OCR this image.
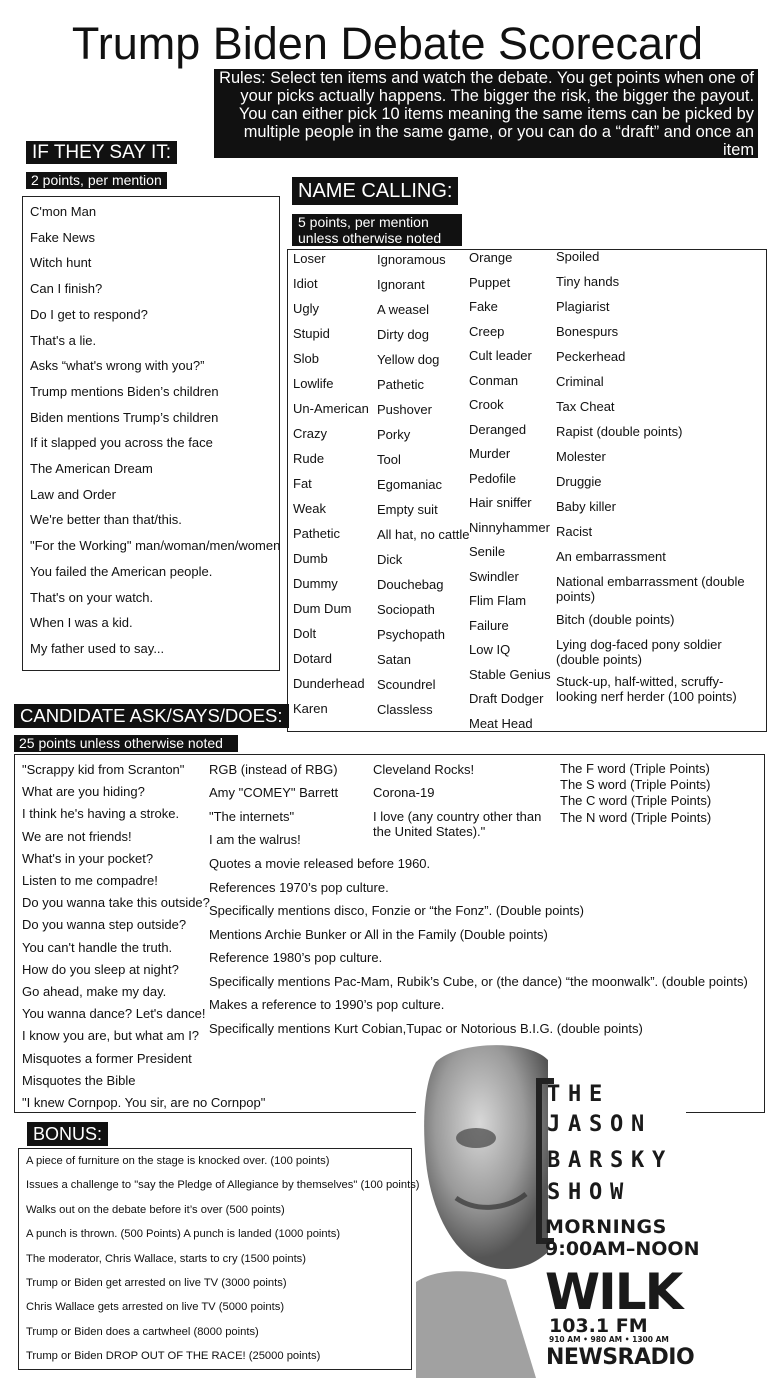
Trump Biden Debate Scorecard
Rules: Select ten items and watch the debate. You get points when one of
your picks actually happens. The bigger the risk, the bigger the payout.
You can either pick 10 items meaning the same items can be picked by
multiple people in the same game, or you can do a “draft” and once an item
is selected, it’s off the board meaning nobody else can pick that item.
IF THEY SAY IT:
2 points, per mention
C'mon Man
Fake News
Witch hunt
Can I finish?
Do I get to respond?
That's a lie.
Asks “what's wrong with you?”
Trump mentions Biden’s children
Biden mentions Trump’s children
If it slapped you across the face
The American Dream
Law and Order
We're better than that/this.
"For the Working" man/woman/men/women
You failed the American people.
That's on your watch.
When I was a kid.
My father used to say...
NAME CALLING:
5 points, per mention
unless otherwise noted
Loser
Idiot
Ugly
Stupid
Slob
Lowlife
Un-American
Crazy
Rude
Fat
Weak
Pathetic
Dumb
Dummy
Dum Dum
Dolt
Dotard
Dunderhead
Karen
Ignoramous
Ignorant
A weasel
Dirty dog
Yellow dog
Pathetic
Pushover
Porky
Tool
Egomaniac
Empty suit
All hat, no cattle
Dick
Douchebag
Sociopath
Psychopath
Satan
Scoundrel
Classless
Orange
Puppet
Fake
Creep
Cult leader
Conman
Crook
Deranged
Murder
Pedofile
Hair sniffer
Ninnyhammer
Senile
Swindler
Flim Flam
Failure
Low IQ
Stable Genius
Draft Dodger
Meat Head
Spoiled
Tiny hands
Plagiarist
Bonespurs
Peckerhead
Criminal
Tax Cheat
Rapist (double points)
Molester
Druggie
Baby killer
Racist
An embarrassment
National embarrassment (double points)
Bitch (double points)
Lying dog-faced pony soldier (double points)
Stuck-up, half-witted, scruffy-looking nerf herder (100 points)
CANDIDATE ASK/SAYS/DOES:
25 points unless otherwise noted
"Scrappy kid from Scranton"
What are you hiding?
I think he's having a stroke.
We are not friends!
What's in your pocket?
Listen to me compadre!
Do you wanna take this outside?
Do you wanna step outside?
You can't handle the truth.
How do you sleep at night?
Go ahead, make my day.
You wanna dance? Let's dance!
I know you are, but what am I?
Misquotes a former President
Misquotes the Bible
"I knew Cornpop. You sir, are no Cornpop"
RGB (instead of RBG)
Amy "COMEY" Barrett
"The internets"
I am the walrus!
Cleveland Rocks!
Corona-19
I love (any country other than the United States)."
The F word (Triple Points)
The S word (Triple Points)
The C word (Triple Points)
The N word (Triple Points)
Quotes a movie released before 1960.
References 1970’s pop culture.
Specifically mentions disco, Fonzie or “the Fonz”. (Double points)
Mentions Archie Bunker or All in the Family (Double points)
Reference 1980’s pop culture.
Specifically mentions Pac-Mam, Rubik’s Cube, or (the dance) “the moonwalk”. (double points)
Makes a reference to 1990’s pop culture.
Specifically mentions Kurt Cobian,Tupac or Notorious B.I.G. (double points)
T H E
J A S O N
B A R S K Y
S H O W
MORNINGS
9:00AM–NOON
WILK
103.1 FM
910 AM • 980 AM • 1300 AM
NEWSRADIO
BONUS:
A piece of furniture on the stage is knocked over. (100 points)
Issues a challenge to "say the Pledge of Allegiance by themselves" (100 points)
Walks out on the debate before it’s over (500 points)
A punch is thrown. (500 Points) A punch is landed (1000 points)
The moderator, Chris Wallace, starts to cry (1500 points)
Trump or Biden get arrested on live TV (3000 points)
Chris Wallace gets arrested on live TV (5000 points)
Trump or Biden does a cartwheel (8000 points)
Trump or Biden DROP OUT OF THE RACE! (25000 points)
